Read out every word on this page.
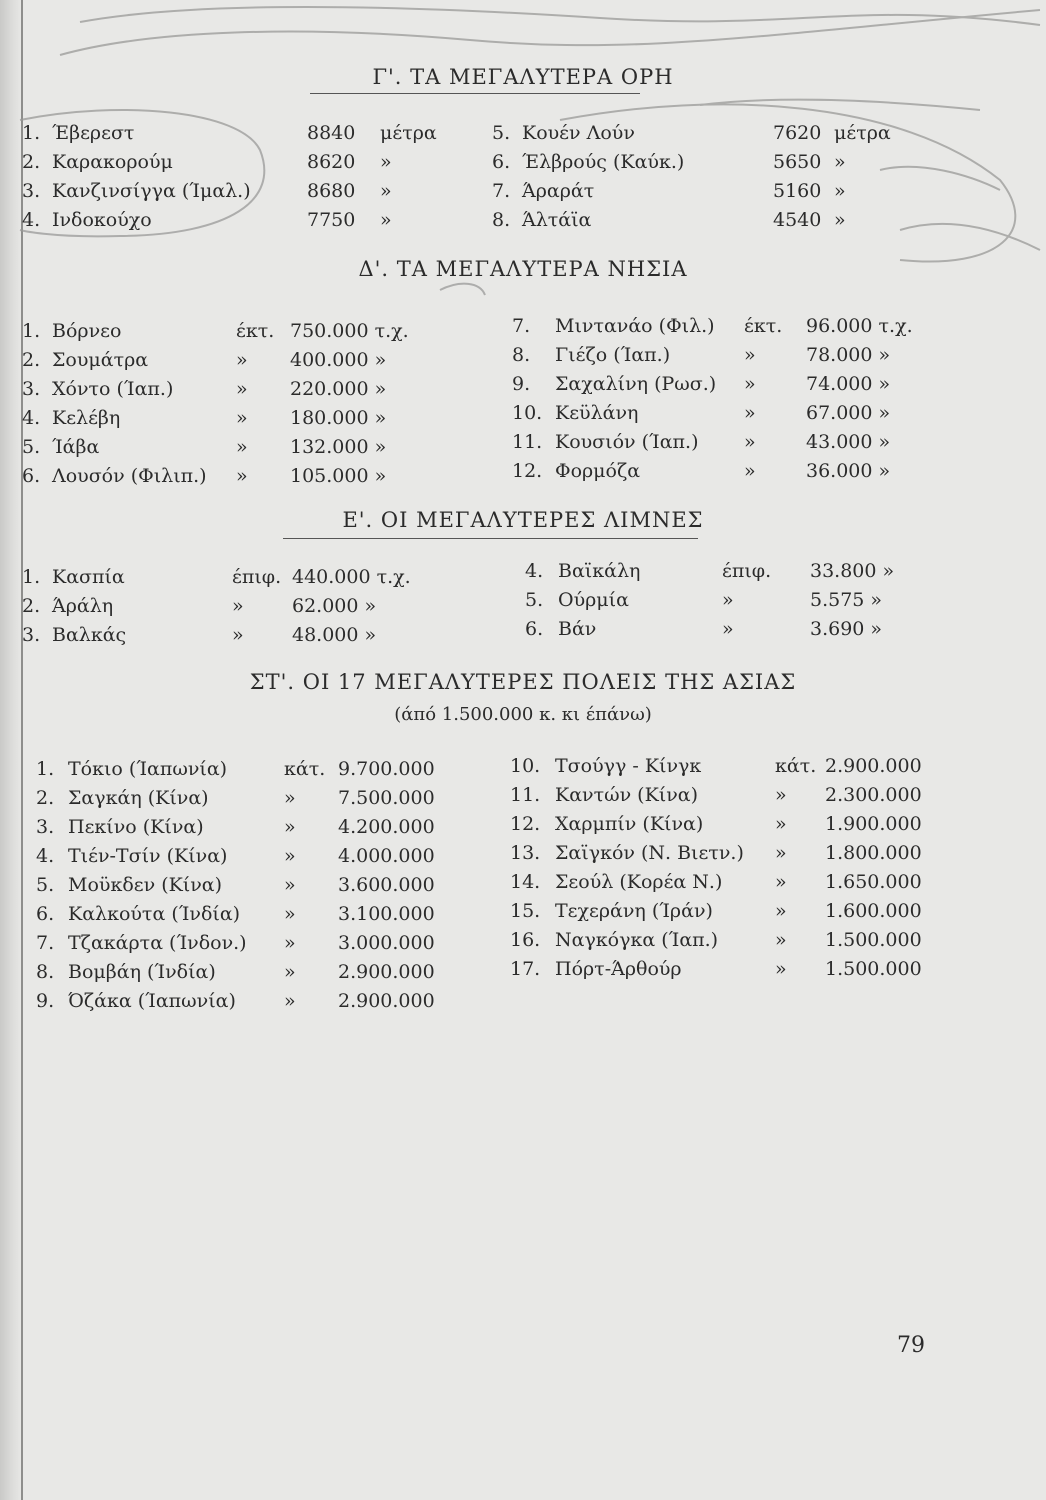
Γ'. ΤΑ ΜΕΓΑΛΥΤΕΡΑ ΟΡΗ
1. Έβερεστ	8840 μέτρα
2. Καρακορούμ	8620 »
3. Κανζινσίγγα (Ίμαλ.)	8680 »
4. Ινδοκούχο	7750 »
5. Κουέν Λούν	7620 μέτρα
6. Έλβρούς (Καύκ.)	5650 »
7. Άραράτ	5160 »
8. Άλτάϊα	4540 »
Δ'. ΤΑ ΜΕΓΑΛΥΤΕΡΑ ΝΗΣΙΑ
1. Βόρνεο	έκτ. 750.000 τ.χ.
2. Σουμάτρα	» 400.000 »
3. Χόντο (Ίαπ.)	» 220.000 »
4. Κελέβη	» 180.000 »
5. Ίάβα	» 132.000 »
6. Λουσόν (Φιλιπ.) » 105.000 »
7. Μιντανάο (Φιλ.) έκτ. 96.000 τ.χ.
8. Γιέζο (Ίαπ.)	»	78.000 »
9. Σαχαλίνη (Ρωσ.) »	74.000 »
10. Κεϋλάνη	»	67.000 »
11. Κουσιόν (Ίαπ.) »	43.000 »
12. Φορμόζα	»	36.000 »
Ε'. ΟΙ ΜΕΓΑΛΥΤΕΡΕΣ ΛΙΜΝΕΣ
1. Κασπία	έπιφ. 440.000 τ.χ.
2. Άράλη	»	62.000 »
3. Βαλκάς	»	48.000 »
4. Βαϊκάλη	έπιφ. 33.800 »
5. Ούρμία	»	5.575 »
6. Βάν	»	3.690 »
ΣΤ'. ΟΙ 17 ΜΕΓΑΛΥΤΕΡΕΣ ΠΟΛΕΙΣ ΤΗΣ ΑΣΙΑΣ
(άπό 1.500.000 κ. κι έπάνω)
1. Τόκιο (Ίαπωνία)	κάτ. 9.700.000
2. Σαγκάη (Κίνα)	» 7.500.000
3. Πεκίνο (Κίνα)	» 4.200.000
4. Τιέν-Τσίν (Κίνα)	» 4.000.000
5. Μοϋκδεν (Κίνα)	» 3.600.000
6. Καλκούτα (Ίνδία) » 3.100.000
7. Τζακάρτα (Ίνδον.) » 3.000.000
8. Βομβάη (Ίνδία)	» 2.900.000
9. Όζάκα (Ίαπωνία)	» 2.900.000
10. Τσούγγ - Κίνγκ	κάτ. 2.900.000
11. Καντών (Κίνα)	» 2.300.000
12. Χαρμπίν (Κίνα)	» 1.900.000
13. Σαϊγκόν (Ν. Βιετν.) » 1.800.000
14. Σεούλ (Κορέα Ν.)	» 1.650.000
15. Τεχεράνη (Ίράν)	» 1.600.000
16. Ναγκόγκα (Ίαπ.)	» 1.500.000
17. Πόρτ-Άρθούρ	» 1.500.000
79
